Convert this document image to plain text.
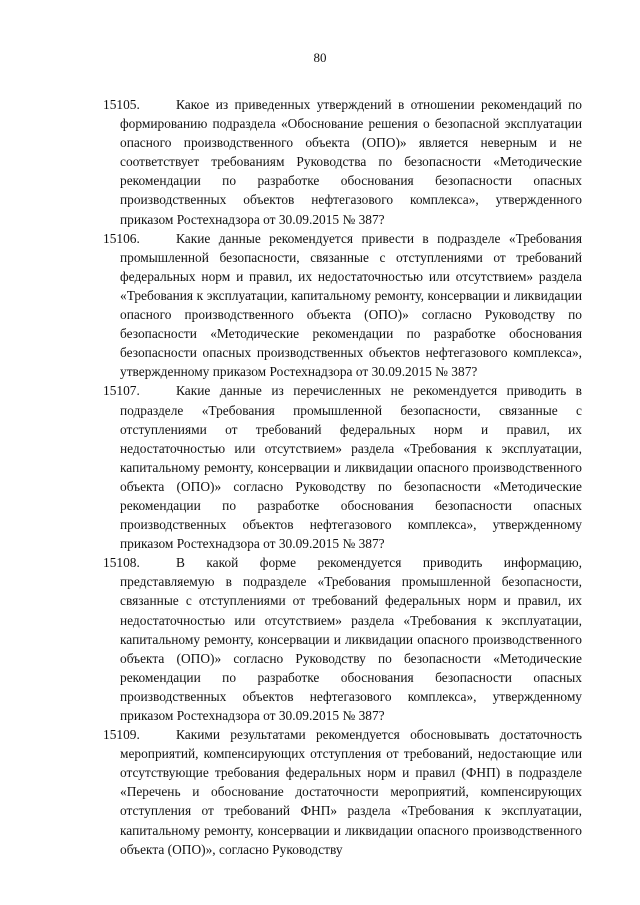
80

15105.	Какое из приведенных утверждений в отношении рекомендаций по формированию подраздела «Обоснование решения о безопасной эксплуатации опасного производственного объекта (ОПО)» является неверным и не соответствует требованиям Руководства по безопасности «Методические рекомендации по разработке обоснования безопасности опасных производственных объектов нефтегазового комплекса», утвержденного приказом Ростехнадзора от 30.09.2015 № 387?

15106.	Какие данные рекомендуется привести в подразделе «Требования промышленной безопасности, связанные с отступлениями от требований федеральных норм и правил, их недостаточностью или отсутствием» раздела «Требования к эксплуатации, капитальному ремонту, консервации и ликвидации опасного производственного объекта (ОПО)» согласно Руководству по безопасности «Методические рекомендации по разработке обоснования безопасности опасных производственных объектов нефтегазового комплекса», утвержденному приказом Ростехнадзора от 30.09.2015 № 387?

15107.	Какие данные из перечисленных не рекомендуется приводить в подразделе «Требования промышленной безопасности, связанные с отступлениями от требований федеральных норм и правил, их недостаточностью или отсутствием» раздела «Требования к эксплуатации, капитальному ремонту, консервации и ликвидации опасного производственного объекта (ОПО)» согласно Руководству по безопасности «Методические рекомендации по разработке обоснования безопасности опасных производственных объектов нефтегазового комплекса», утвержденному приказом Ростехнадзора от 30.09.2015 № 387?

15108.	В какой форме рекомендуется приводить информацию, представляемую в подразделе «Требования промышленной безопасности, связанные с отступлениями от требований федеральных норм и правил, их недостаточностью или отсутствием» раздела «Требования к эксплуатации, капитальному ремонту, консервации и ликвидации опасного производственного объекта (ОПО)» согласно Руководству по безопасности «Методические рекомендации по разработке обоснования безопасности опасных производственных объектов нефтегазового комплекса», утвержденному приказом Ростехнадзора от 30.09.2015 № 387?

15109.	Какими результатами рекомендуется обосновывать достаточность мероприятий, компенсирующих отступления от требований, недостающие или отсутствующие требования федеральных норм и правил (ФНП) в подразделе «Перечень и обоснование достаточности мероприятий, компенсирующих отступления от требований ФНП» раздела «Требования к эксплуатации, капитальному ремонту, консервации и ликвидации опасного производственного объекта (ОПО)», согласно Руководству
